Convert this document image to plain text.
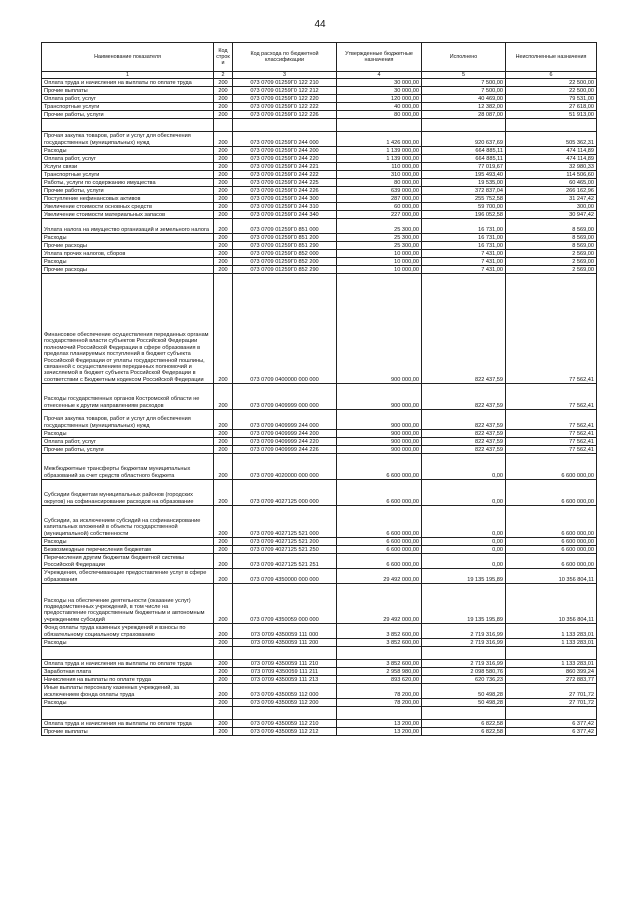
44
Наименование показателя	Код строк и	Код расхода по бюджетной классификации	Утвержденные бюджетные назначения	Исполнено	Неисполненные назначения
1	2	3	4	5	6
Оплата труда и начисления на выплаты по оплате труда	200	073 0709 01259Г0 122 210	30 000,00	7 500,00	22 500,00
Прочие выплаты	200	073 0709 01259Г0 122 212	30 000,00	7 500,00	22 500,00
Оплата работ, услуг	200	073 0709 01259Г0 122 220	120 000,00	40 469,00	79 531,00
Транспортные услуги	200	073 0709 01259Г0 122 222	40 000,00	12 382,00	27 618,00
Прочие работы, услуги	200	073 0709 01259Г0 122 226	80 000,00	28 087,00	51 913,00

Прочая закупка товаров, работ и услуг для обеспечения государственных (муниципальных) нужд	200	073 0709 01259Г0 244 000	1 426 000,00	920 637,69	505 362,31
Расходы	200	073 0709 01259Г0 244 200	1 139 000,00	664 885,11	474 114,89
Оплата работ, услуг	200	073 0709 01259Г0 244 220	1 139 000,00	664 885,11	474 114,89
Услуги связи	200	073 0709 01259Г0 244 221	110 000,00	77 019,67	32 980,33
Транспортные услуги	200	073 0709 01259Г0 244 222	310 000,00	195 493,40	114 506,60
Работы, услуги по содержанию имущества	200	073 0709 01259Г0 244 225	80 000,00	19 535,00	60 465,00
Прочие работы, услуги	200	073 0709 01259Г0 244 226	639 000,00	372 837,04	266 162,96
Поступление нефинансовых активов	200	073 0709 01259Г0 244 300	287 000,00	255 752,58	31 247,42
Увеличение стоимости основных средств	200	073 0709 01259Г0 244 310	60 000,00	59 700,00	300,00
Увеличение стоимости материальных запасов	200	073 0709 01259Г0 244 340	227 000,00	196 052,58	30 947,42
Уплата налога на имущество организаций и земельного налога	200	073 0709 01259Г0 851 000	25 300,00	16 731,00	8 569,00
Расходы	200	073 0709 01259Г0 851 200	25 300,00	16 731,00	8 569,00
Прочие расходы	200	073 0709 01259Г0 851 290	25 300,00	16 731,00	8 569,00
Уплата прочих налогов, сборов	200	073 0709 01259Г0 852 000	10 000,00	7 431,00	2 569,00
Расходы	200	073 0709 01259Г0 852 200	10 000,00	7 431,00	2 569,00
Прочие расходы	200	073 0709 01259Г0 852 290	10 000,00	7 431,00	2 569,00
Финансовое обеспечение осуществления переданных органам государственной власти субъектов Российской Федерации полномочий Российской Федерации в сфере образования в пределах планируемых поступлений в бюджет субъекта Российской Федерации от уплаты государственной пошлины, связанной с осуществлением переданных полномочий и зачисляемой в бюджет субъекта Российской Федерации в соответствии с Бюджетным кодексом Российской Федерации	200	073 0709 0400000 000 000	900 000,00	822 437,59	77 562,41
Расходы государственных органов Костромской области не отнесенные к другим направлениям расходов	200	073 0709 0409999 000 000	900 000,00	822 437,59	77 562,41
Прочая закупка товаров, работ и услуг для обеспечения государственных (муниципальных) нужд	200	073 0709 0409999 244 000	900 000,00	822 437,59	77 562,41
Расходы	200	073 0709 0409999 244 200	900 000,00	822 437,59	77 562,41
Оплата работ, услуг	200	073 0709 0409999 244 220	900 000,00	822 437,59	77 562,41
Прочие работы, услуги	200	073 0709 0409999 244 226	900 000,00	822 437,59	77 562,41
Межбюджетные трансферты бюджетам муниципальных образований за счет средств областного бюджета	200	073 0709 4020000 000 000	6 600 000,00	0,00	6 600 000,00
Субсидии бюджетам муниципальных районов (городских округов) на софинансирование расходов на образование	200	073 0709 4027125 000 000	6 600 000,00	0,00	6 600 000,00
Субсидии, за исключением субсидий на софинансирование капитальных вложений в объекты государственной (муниципальной) собственности	200	073 0709 4027125 521 000	6 600 000,00	0,00	6 600 000,00
Расходы	200	073 0709 4027125 521 200	6 600 000,00	0,00	6 600 000,00
Безвозмездные перечисления бюджетам	200	073 0709 4027125 521 250	6 600 000,00	0,00	6 600 000,00
Перечисления другим бюджетам бюджетной системы Российской Федерации	200	073 0709 4027125 521 251	6 600 000,00	0,00	6 600 000,00
Учреждения, обеспечивающие предоставление услуг в сфере образования	200	073 0709 4350000 000 000	29 492 000,00	19 135 195,89	10 356 804,11
Расходы на обеспечение деятельности (оказание услуг) подведомственных учреждений, в том числе на предоставление государственным бюджетным и автономным учреждениям субсидий	200	073 0709 4350059 000 000	29 492 000,00	19 135 195,89	10 356 804,11
Фонд оплаты труда казенных учреждений и взносы по обязательному социальному страхованию	200	073 0709 4350059 111 000	3 852 600,00	2 719 316,99	1 133 283,01
Расходы	200	073 0709 4350059 111 200	3 852 600,00	2 719 316,99	1 133 283,01

Оплата труда и начисления на выплаты по оплате труда	200	073 0709 4350059 111 210	3 852 600,00	2 719 316,99	1 133 283,01
Заработная плата	200	073 0709 4350059 111 211	2 958 980,00	2 098 580,76	860 399,24
Начисления на выплаты по оплате труда	200	073 0709 4350059 111 213	893 620,00	620 736,23	272 883,77
Иные выплаты персоналу казенных учреждений, за исключением фонда оплаты труда	200	073 0709 4350059 112 000	78 200,00	50 498,28	27 701,72
Расходы	200	073 0709 4350059 112 200	78 200,00	50 498,28	27 701,72

Оплата труда и начисления на выплаты по оплате труда	200	073 0709 4350059 112 210	13 200,00	6 822,58	6 377,42
Прочие выплаты	200	073 0709 4350059 112 212	13 200,00	6 822,58	6 377,42
